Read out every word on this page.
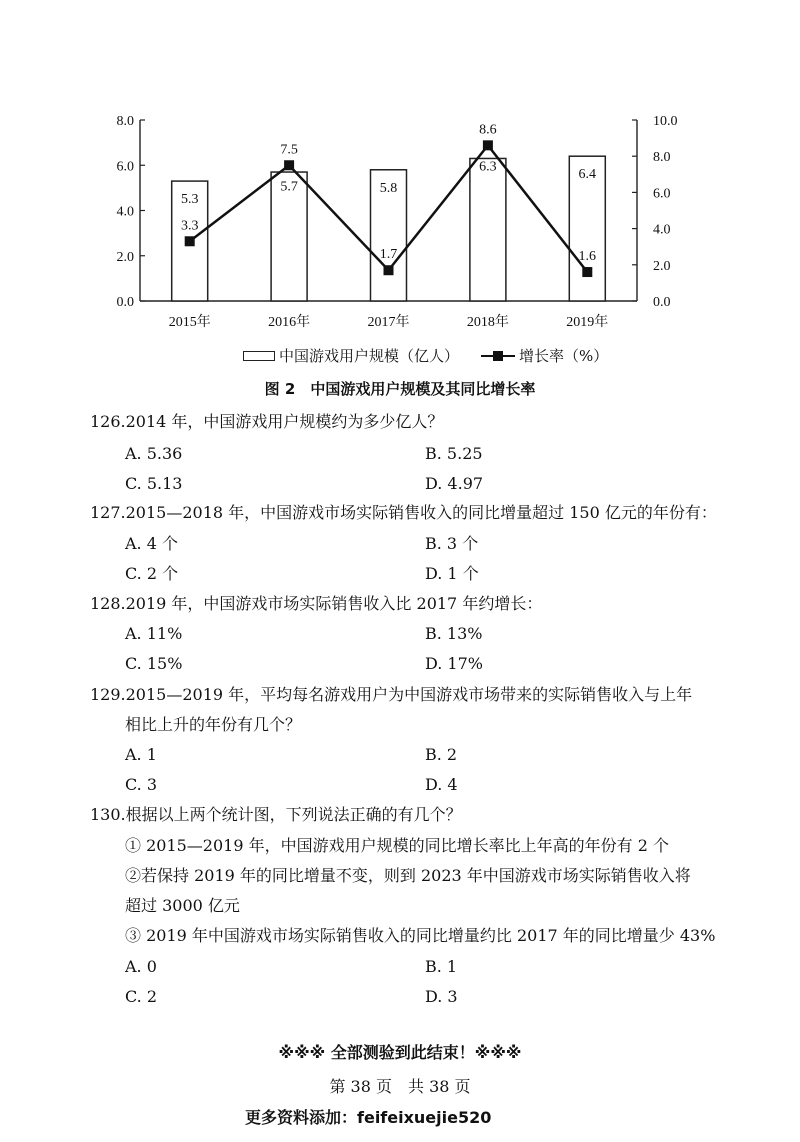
0.0
2.0
4.0
6.0
8.0
0.0
2.0
4.0
6.0
8.0
10.0
2015年	2016年	2017年	2018年	2019年
5.3
5.7	5.8
6.3
6.4
3.3
7.5
1.7
8.6
1.6
中国游戏用户规模（亿人）	增长率（%）
图 2　中国游戏用户规模及其同比增长率
126.2014 年，中国游戏用户规模约为多少亿人？
A. 5.36	B. 5.25
C. 5.13	D. 4.97
127.2015—2018 年，中国游戏市场实际销售收入的同比增量超过 150 亿元的年份有：
A. 4 个	B. 3 个
C. 2 个	D. 1 个
128.2019 年，中国游戏市场实际销售收入比 2017 年约增长：
A. 11%	B. 13%
C. 15%	D. 17%
129.2015—2019 年，平均每名游戏用户为中国游戏市场带来的实际销售收入与上年
相比上升的年份有几个？
A. 1	B. 2
C. 3	D. 4
130.根据以上两个统计图，下列说法正确的有几个？
① 2015—2019 年，中国游戏用户规模的同比增长率比上年高的年份有 2 个
②若保持 2019 年的同比增量不变，则到 2023 年中国游戏市场实际销售收入将
超过 3000 亿元
③ 2019 年中国游戏市场实际销售收入的同比增量约比 2017 年的同比增量少 43%
A. 0	B. 1
C. 2	D. 3
※※※ 全部测验到此结束！※※※
第 38 页　共 38 页
更多资料添加：feifeixuejie520
